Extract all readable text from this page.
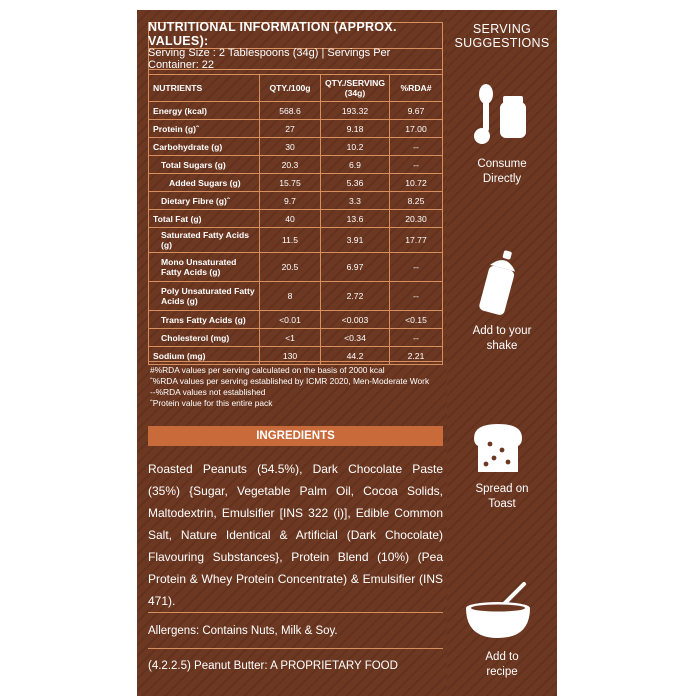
NUTRITIONAL INFORMATION (APPROX. VALUES):
Serving Size : 2 Tablespoons (34g) | Servings Per Container: 22
NUTRIENTS	QTY./100g	QTY./SERVING (34g)	%RDA#
Energy (kcal)	568.6	193.32	9.67
Protein (g)ˆ	27	9.18	17.00
Carbohydrate (g)	30	10.2	--
Total Sugars (g)	20.3	6.9	--
Added Sugars (g)	15.75	5.36	10.72
Dietary Fibre (g)ˆ	9.7	3.3	8.25
Total Fat (g)	40	13.6	20.30
Saturated Fatty Acids (g)	11.5	3.91	17.77
Mono Unsaturated Fatty Acids (g)	20.5	6.97	--
Poly Unsaturated Fatty Acids (g)	8	2.72	--
Trans Fatty Acids (g)	<0.01	<0.003	<0.15
Cholesterol (mg)	<1	<0.34	--
Sodium (mg)	130	44.2	2.21
#%RDA values per serving calculated on the basis of 2000 kcal
ˆ%RDA values per serving established by ICMR 2020, Men-Moderate Work
--%RDA values not established
ˆProtein value for this entire pack
INGREDIENTS
Roasted Peanuts (54.5%), Dark Chocolate Paste (35%) {Sugar, Vegetable Palm Oil, Cocoa Solids, Maltodextrin, Emulsifier [INS 322 (i)], Edible Common Salt, Nature Identical & Artificial (Dark Chocolate) Flavouring Substances}, Protein Blend (10%) (Pea Protein & Whey Protein Concentrate) & Emulsifier (INS 471).
Allergens: Contains Nuts, Milk & Soy.
(4.2.2.5) Peanut Butter: A PROPRIETARY FOOD
SERVING
SUGGESTIONS
Consume
Directly
Add to your
shake
Spread on
Toast
Add to
recipe
